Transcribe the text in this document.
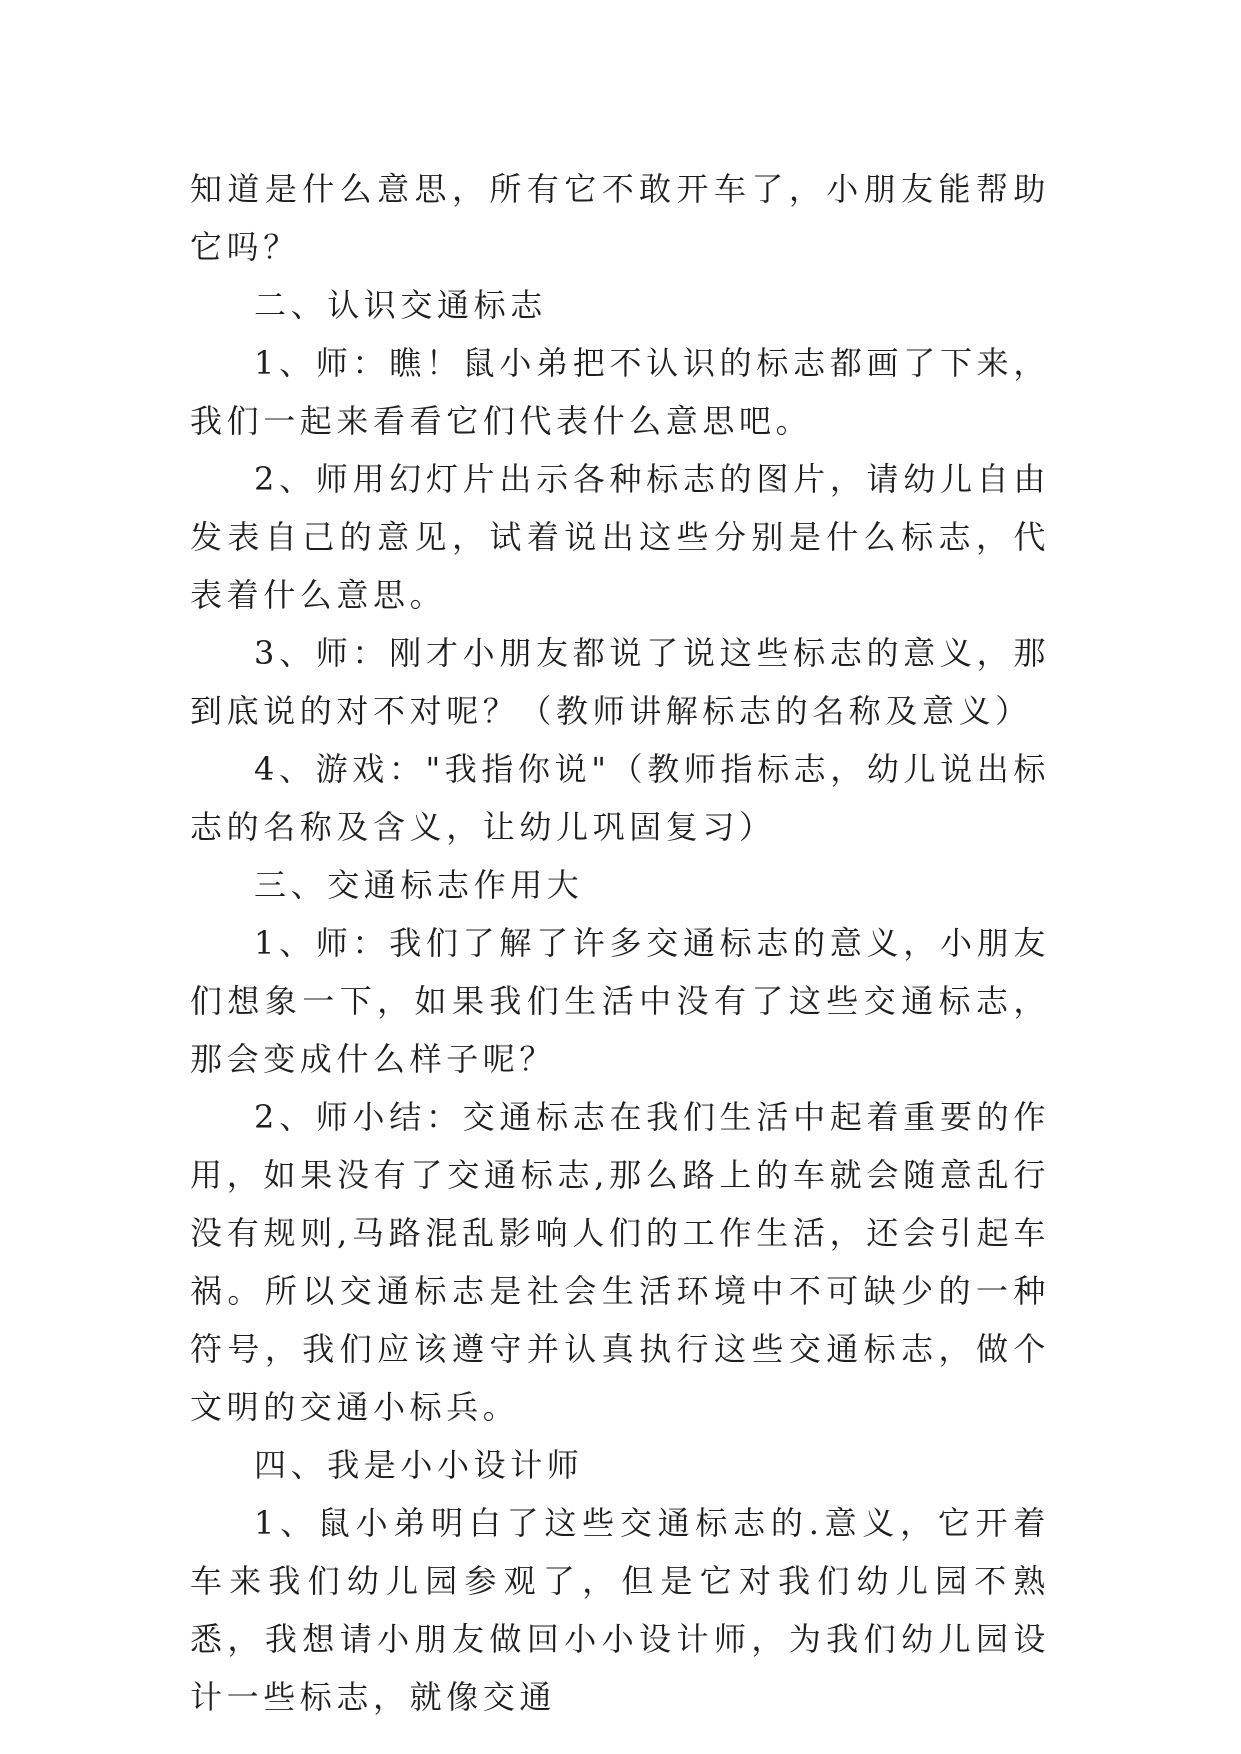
知道是什么意思，所有它不敢开车了，小朋友能帮助它吗？

二、认识交通标志

1、师：瞧！鼠小弟把不认识的标志都画了下来，我们一起来看看它们代表什么意思吧。

2、师用幻灯片出示各种标志的图片，请幼儿自由发表自己的意见，试着说出这些分别是什么标志，代表着什么意思。

3、师：刚才小朋友都说了说这些标志的意义，那到底说的对不对呢？（教师讲解标志的名称及意义）

4、游戏："我指你说"（教师指标志，幼儿说出标志的名称及含义，让幼儿巩固复习）

三、交通标志作用大

1、师：我们了解了许多交通标志的意义，小朋友们想象一下，如果我们生活中没有了这些交通标志，那会变成什么样子呢？

2、师小结：交通标志在我们生活中起着重要的作用，如果没有了交通标志,那么路上的车就会随意乱行没有规则,马路混乱影响人们的工作生活，还会引起车祸。所以交通标志是社会生活环境中不可缺少的一种符号，我们应该遵守并认真执行这些交通标志，做个文明的交通小标兵。

四、我是小小设计师

1、鼠小弟明白了这些交通标志的.意义，它开着车来我们幼儿园参观了，但是它对我们幼儿园不熟悉，我想请小朋友做回小小设计师，为我们幼儿园设计一些标志，就像交通
